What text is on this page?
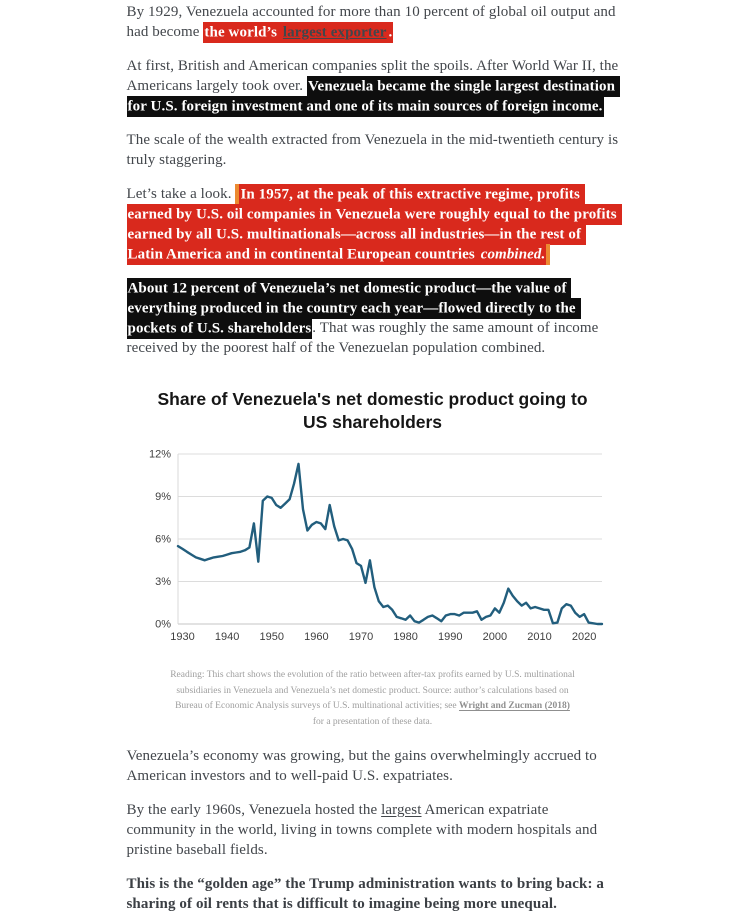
By 1929, Venezuela accounted for more than 10 percent of global oil output and had become the world’s largest exporter .

At first, British and American companies split the spoils. After World War II, the Americans largely took over. Venezuela became the single largest destination for U.S. foreign investment and one of its main sources of foreign income.

The scale of the wealth extracted from Venezuela in the mid-twentieth century is truly staggering.

Let’s take a look. In 1957, at the peak of this extractive regime, profits earned by U.S. oil companies in Venezuela were roughly equal to the profits earned by all U.S. multinationals—across all industries—in the rest of Latin America and in continental European countries combined.

About 12 percent of Venezuela’s net domestic product—the value of everything produced in the country each year—flowed directly to the pockets of U.S. shareholders. That was roughly the same amount of income received by the poorest half of the Venezuelan population combined.

Share of Venezuela's net domestic product going to US shareholders
0%
3%
6%
9%
12%
1930 1940 1950 1960 1970 1980 1990 2000 2010 2020

Reading: This chart shows the evolution of the ratio between after-tax profits earned by U.S. multinational subsidiaries in Venezuela and Venezuela’s net domestic product. Source: author’s calculations based on Bureau of Economic Analysis surveys of U.S. multinational activities; see Wright and Zucman (2018) for a presentation of these data.

Venezuela’s economy was growing, but the gains overwhelmingly accrued to American investors and to well-paid U.S. expatriates.

By the early 1960s, Venezuela hosted the largest American expatriate community in the world, living in towns complete with modern hospitals and pristine baseball fields.

This is the “golden age” the Trump administration wants to bring back: a sharing of oil rents that is difficult to imagine being more unequal.
